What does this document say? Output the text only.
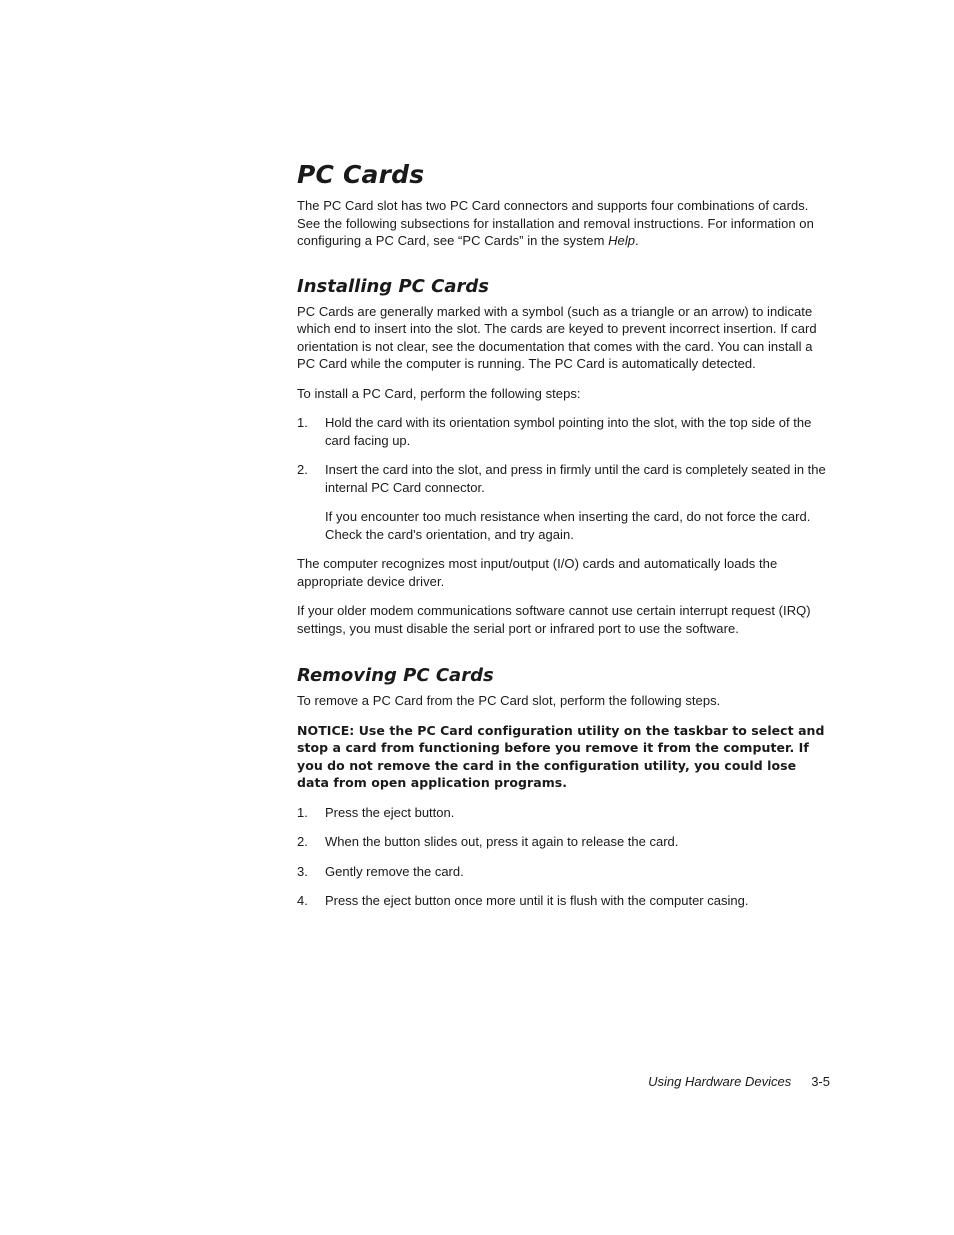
PC Cards

The PC Card slot has two PC Card connectors and supports four combinations of cards. See the following subsections for installation and removal instructions. For information on configuring a PC Card, see “PC Cards” in the system Help.

Installing PC Cards

PC Cards are generally marked with a symbol (such as a triangle or an arrow) to indicate which end to insert into the slot. The cards are keyed to prevent incorrect insertion. If card orientation is not clear, see the documentation that comes with the card. You can install a PC Card while the computer is running. The PC Card is automatically detected.

To install a PC Card, perform the following steps:

1. Hold the card with its orientation symbol pointing into the slot, with the top side of the card facing up.
2. Insert the card into the slot, and press in firmly until the card is completely seated in the internal PC Card connector.

If you encounter too much resistance when inserting the card, do not force the card. Check the card's orientation, and try again.

The computer recognizes most input/output (I/O) cards and automatically loads the appropriate device driver.

If your older modem communications software cannot use certain interrupt request (IRQ) settings, you must disable the serial port or infrared port to use the software.

Removing PC Cards

To remove a PC Card from the PC Card slot, perform the following steps.

NOTICE: Use the PC Card configuration utility on the taskbar to select and stop a card from functioning before you remove it from the computer. If you do not remove the card in the configuration utility, you could lose data from open application programs.

1. Press the eject button.
2. When the button slides out, press it again to release the card.
3. Gently remove the card.
4. Press the eject button once more until it is flush with the computer casing.
Using Hardware Devices 3-5
